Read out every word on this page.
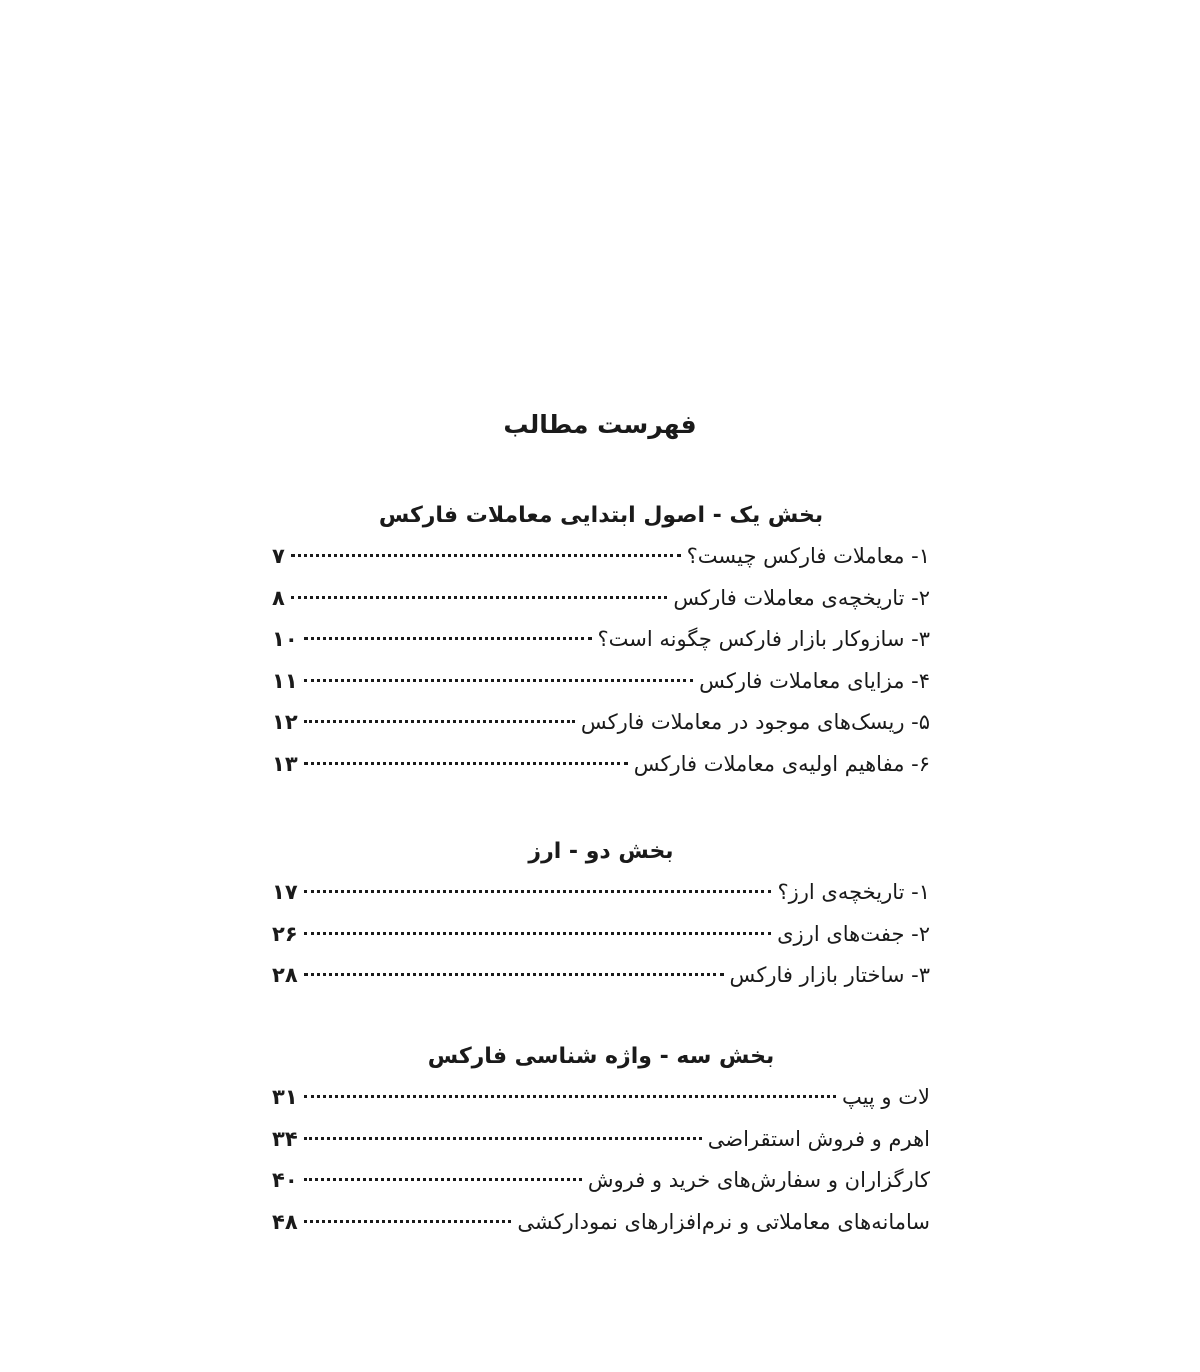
فهرست مطالب
بخش یک - اصول ابتدایی معاملات فارکس
۱- معاملات فارکس چیست؟
۷
۲- تاریخچه‌ی معاملات فارکس
۸
۳- سازوکار بازار فارکس چگونه است؟
۱۰
۴- مزایای معاملات فارکس
۱۱
۵- ریسک‌های موجود در معاملات فارکس
۱۲
۶- مفاهیم اولیه‌ی معاملات فارکس
۱۳
بخش دو - ارز
۱- تاریخچه‌ی ارز؟
۱۷
۲- جفت‌های ارزی
۲۶
۳- ساختار بازار فارکس
۲۸
بخش سه - واژه شناسی فارکس
لات و پیپ
۳۱
اهرم و فروش استقراضی
۳۴
کارگزاران و سفارش‌های خرید و فروش
۴۰
سامانه‌های معاملاتی و نرم‌افزارهای نمودارکشی
۴۸
